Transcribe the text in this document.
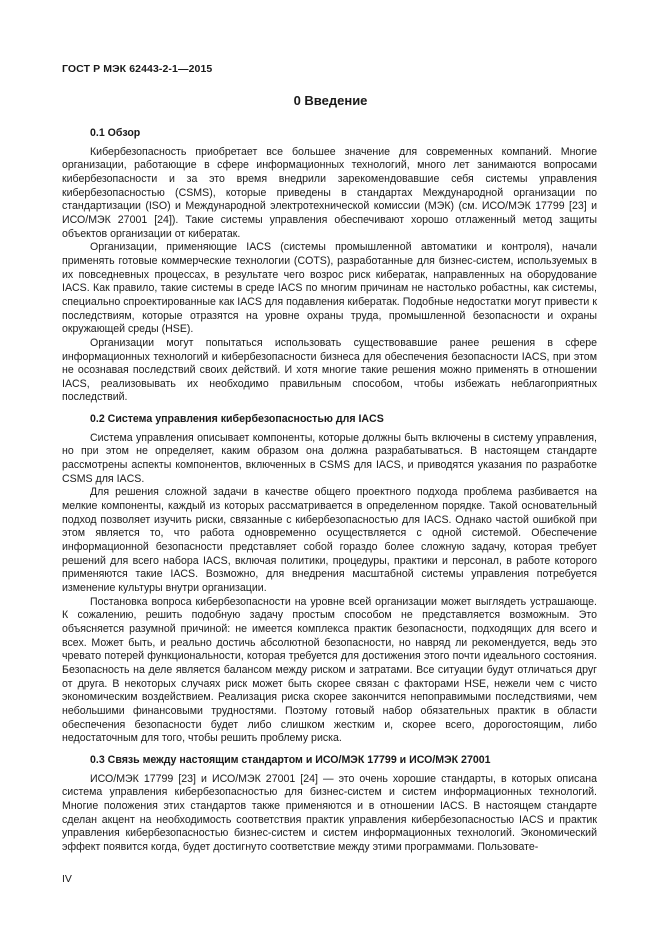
ГОСТ Р МЭК 62443-2-1—2015
0 Введение
0.1 Обзор

Кибербезопасность приобретает все большее значение для современных компаний. Многие организации, работающие в сфере информационных технологий, много лет занимаются вопросами кибербезопасности и за это время внедрили зарекомендовавшие себя системы управления кибербезопасностью (CSMS), которые приведены в стандартах Международной организации по стандартизации (ISO) и Международной электротехнической комиссии (МЭК) (см. ИСО/МЭК 17799 [23] и ИСО/МЭК 27001 [24]). Такие системы управления обеспечивают хорошо отлаженный метод защиты объектов организации от кибератак.

Организации, применяющие IACS (системы промышленной автоматики и контроля), начали применять готовые коммерческие технологии (COTS), разработанные для бизнес-систем, используемых в их повседневных процессах, в результате чего возрос риск кибератак, направленных на оборудование IACS. Как правило, такие системы в среде IACS по многим причинам не настолько робастны, как системы, специально спроектированные как IACS для подавления кибератак. Подобные недостатки могут привести к последствиям, которые отразятся на уровне охраны труда, промышленной безопасности и охраны окружающей среды (HSE).

Организации могут попытаться использовать существовавшие ранее решения в сфере информационных технологий и кибербезопасности бизнеса для обеспечения безопасности IACS, при этом не осознавая последствий своих действий. И хотя многие такие решения можно применять в отношении IACS, реализовывать их необходимо правильным способом, чтобы избежать неблагоприятных последствий.

0.2 Система управления кибербезопасностью для IACS

Система управления описывает компоненты, которые должны быть включены в систему управления, но при этом не определяет, каким образом она должна разрабатываться. В настоящем стандарте рассмотрены аспекты компонентов, включенных в CSMS для IACS, и приводятся указания по разработке CSMS для IACS.

Для решения сложной задачи в качестве общего проектного подхода проблема разбивается на мелкие компоненты, каждый из которых рассматривается в определенном порядке. Такой основательный подход позволяет изучить риски, связанные с кибербезопасностью для IACS. Однако частой ошибкой при этом является то, что работа одновременно осуществляется с одной системой. Обеспечение информационной безопасности представляет собой гораздо более сложную задачу, которая требует решений для всего набора IACS, включая политики, процедуры, практики и персонал, в работе которого применяются такие IACS. Возможно, для внедрения масштабной системы управления потребуется изменение культуры внутри организации.

Постановка вопроса кибербезопасности на уровне всей организации может выглядеть устрашающе. К сожалению, решить подобную задачу простым способом не представляется возможным. Это объясняется разумной причиной: не имеется комплекса практик безопасности, подходящих для всего и всех. Может быть, и реально достичь абсолютной безопасности, но навряд ли рекомендуется, ведь это чревато потерей функциональности, которая требуется для достижения этого почти идеального состояния. Безопасность на деле является балансом между риском и затратами. Все ситуации будут отличаться друг от друга. В некоторых случаях риск может быть скорее связан с факторами HSE, нежели чем с чисто экономическим воздействием. Реализация риска скорее закончится непоправимыми последствиями, чем небольшими финансовыми трудностями. Поэтому готовый набор обязательных практик в области обеспечения безопасности будет либо слишком жестким и, скорее всего, дорогостоящим, либо недостаточным для того, чтобы решить проблему риска.

0.3 Связь между настоящим стандартом и ИСО/МЭК 17799 и ИСО/МЭК 27001

ИСО/МЭК 17799 [23] и ИСО/МЭК 27001 [24] — это очень хорошие стандарты, в которых описана система управления кибербезопасностью для бизнес-систем и систем информационных технологий. Многие положения этих стандартов также применяются и в отношении IACS. В настоящем стандарте сделан акцент на необходимость соответствия практик управления кибербезопасностью IACS и практик управления кибербезопасностью бизнес-систем и систем информационных технологий. Экономический эффект появится когда, будет достигнуто соответствие между этими программами. Пользовате-

IV
